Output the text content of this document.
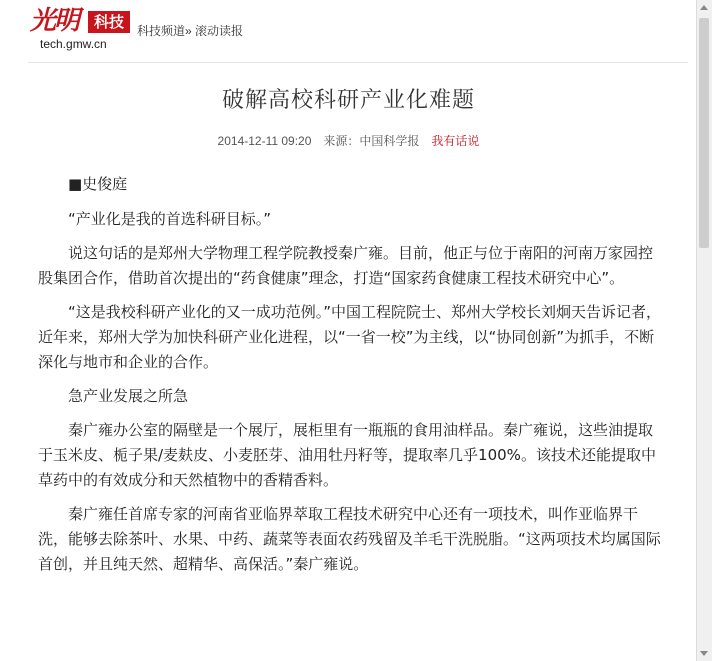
光明	科技
tech.gmw.cn
科技频道» 滚动读报
破解高校科研产业化难题
2014-12-11 09:20 来源：中国科学报 我有话说

■史俊庭

“产业化是我的首选科研目标。”

说这句话的是郑州大学物理工程学院教授秦广雍。目前，他正与位于南阳的河南万家园控股集团合作，借助首次提出的“药食健康”理念，打造“国家药食健康工程技术研究中心”。

“这是我校科研产业化的又一成功范例。”中国工程院院士、郑州大学校长刘炯天告诉记者，近年来，郑州大学为加快科研产业化进程，以“一省一校”为主线，以“协同创新”为抓手，不断深化与地市和企业的合作。

急产业发展之所急

秦广雍办公室的隔壁是一个展厅，展柜里有一瓶瓶的食用油样品。秦广雍说，这些油提取于玉米皮、栀子果/麦麸皮、小麦胚芽、油用牡丹籽等，提取率几乎100%。该技术还能提取中草药中的有效成分和天然植物中的香精香料。

秦广雍任首席专家的河南省亚临界萃取工程技术研究中心还有一项技术，叫作亚临界干洗，能够去除茶叶、水果、中药、蔬菜等表面农药残留及羊毛干洗脱脂。“这两项技术均属国际首创，并且纯天然、超精华、高保活。”秦广雍说。
